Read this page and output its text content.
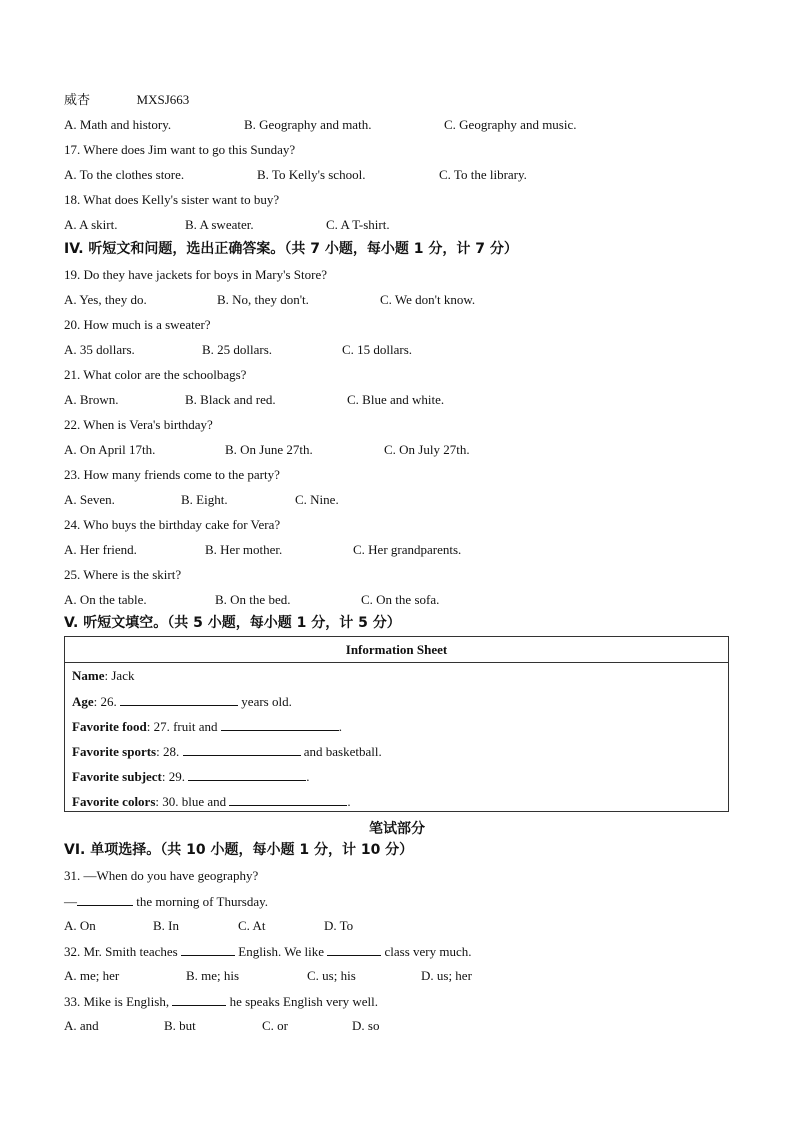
威杏	MXSJ663
A. Math and history.	B. Geography and math.	C. Geography and music.
17. Where does Jim want to go this Sunday?
A. To the clothes store.	B. To Kelly's school.	C. To the library.
18. What does Kelly's sister want to buy?
A. A skirt.	B. A sweater.	C. A T-shirt.
IV. 听短文和问题，选出正确答案。（共 7 小题，每小题 1 分，计 7 分）
19. Do they have jackets for boys in Mary's Store?
A. Yes, they do.	B. No, they don't.	C. We don't know.
20. How much is a sweater?
A. 35 dollars.	B. 25 dollars.	C. 15 dollars.
21. What color are the schoolbags?
A. Brown.	B. Black and red.	C. Blue and white.
22. When is Vera's birthday?
A. On April 17th.	B. On June 27th.	C. On July 27th.
23. How many friends come to the party?
A. Seven.	B. Eight.	C. Nine.
24. Who buys the birthday cake for Vera?
A. Her friend.	B. Her mother.	C. Her grandparents.
25. Where is the skirt?
A. On the table.	B. On the bed.	C. On the sofa.
V. 听短文填空。（共 5 小题，每小题 1 分，计 5 分）
Information Sheet
Name: Jack
Age: 26.	years old.
Favorite food: 27. fruit and	.
Favorite sports: 28.	and basketball.
Favorite subject: 29.	.
Favorite colors: 30. blue and	.
笔试部分
VI. 单项选择。（共 10 小题，每小题 1 分，计 10 分）
31. —When do you have geography?
—	the morning of Thursday.
A. On	B. In	C. At	D. To
32. Mr. Smith teaches	English. We like	class very much.
A. me; her	B. me; his	C. us; his	D. us; her
33. Mike is English,	he speaks English very well.
A. and	B. but	C. or	D. so
